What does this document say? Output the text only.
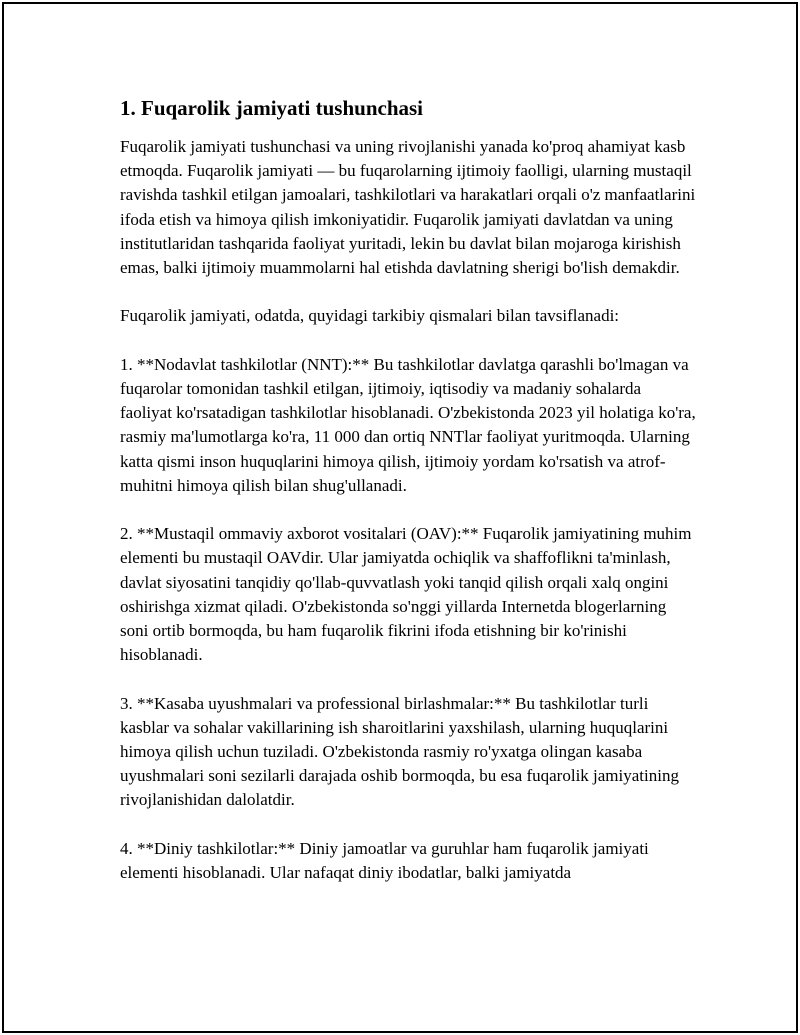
1. Fuqarolik jamiyati tushunchasi

Fuqarolik jamiyati tushunchasi va uning rivojlanishi yanada ko'proq ahamiyat kasb etmoqda. Fuqarolik jamiyati — bu fuqarolarning ijtimoiy faolligi, ularning mustaqil ravishda tashkil etilgan jamoalari, tashkilotlari va harakatlari orqali o'z manfaatlarini ifoda etish va himoya qilish imkoniyatidir. Fuqarolik jamiyati davlatdan va uning institutlaridan tashqarida faoliyat yuritadi, lekin bu davlat bilan mojaroga kirishish emas, balki ijtimoiy muammolarni hal etishda davlatning sherigi bo'lish demakdir.

Fuqarolik jamiyati, odatda, quyidagi tarkibiy qismalari bilan tavsiflanadi:

1. **Nodavlat tashkilotlar (NNT):** Bu tashkilotlar davlatga qarashli bo'lmagan va fuqarolar tomonidan tashkil etilgan, ijtimoiy, iqtisodiy va madaniy sohalarda faoliyat ko'rsatadigan tashkilotlar hisoblanadi. O'zbekistonda 2023 yil holatiga ko'ra, rasmiy ma'lumotlarga ko'ra, 11 000 dan ortiq NNTlar faoliyat yuritmoqda. Ularning katta qismi inson huquqlarini himoya qilish, ijtimoiy yordam ko'rsatish va atrof-muhitni himoya qilish bilan shug'ullanadi.

2. **Mustaqil ommaviy axborot vositalari (OAV):** Fuqarolik jamiyatining muhim elementi bu mustaqil OAVdir. Ular jamiyatda ochiqlik va shaffoflikni ta'minlash, davlat siyosatini tanqidiy qo'llab-quvvatlash yoki tanqid qilish orqali xalq ongini oshirishga xizmat qiladi. O'zbekistonda so'nggi yillarda Internetda blogerlarning soni ortib bormoqda, bu ham fuqarolik fikrini ifoda etishning bir ko'rinishi hisoblanadi.

3. **Kasaba uyushmalari va professional birlashmalar:** Bu tashkilotlar turli kasblar va sohalar vakillarining ish sharoitlarini yaxshilash, ularning huquqlarini himoya qilish uchun tuziladi. O'zbekistonda rasmiy ro'yxatga olingan kasaba uyushmalari soni sezilarli darajada oshib bormoqda, bu esa fuqarolik jamiyatining rivojlanishidan dalolatdir.

4. **Diniy tashkilotlar:** Diniy jamoatlar va guruhlar ham fuqarolik jamiyati elementi hisoblanadi. Ular nafaqat diniy ibodatlar, balki jamiyatda
